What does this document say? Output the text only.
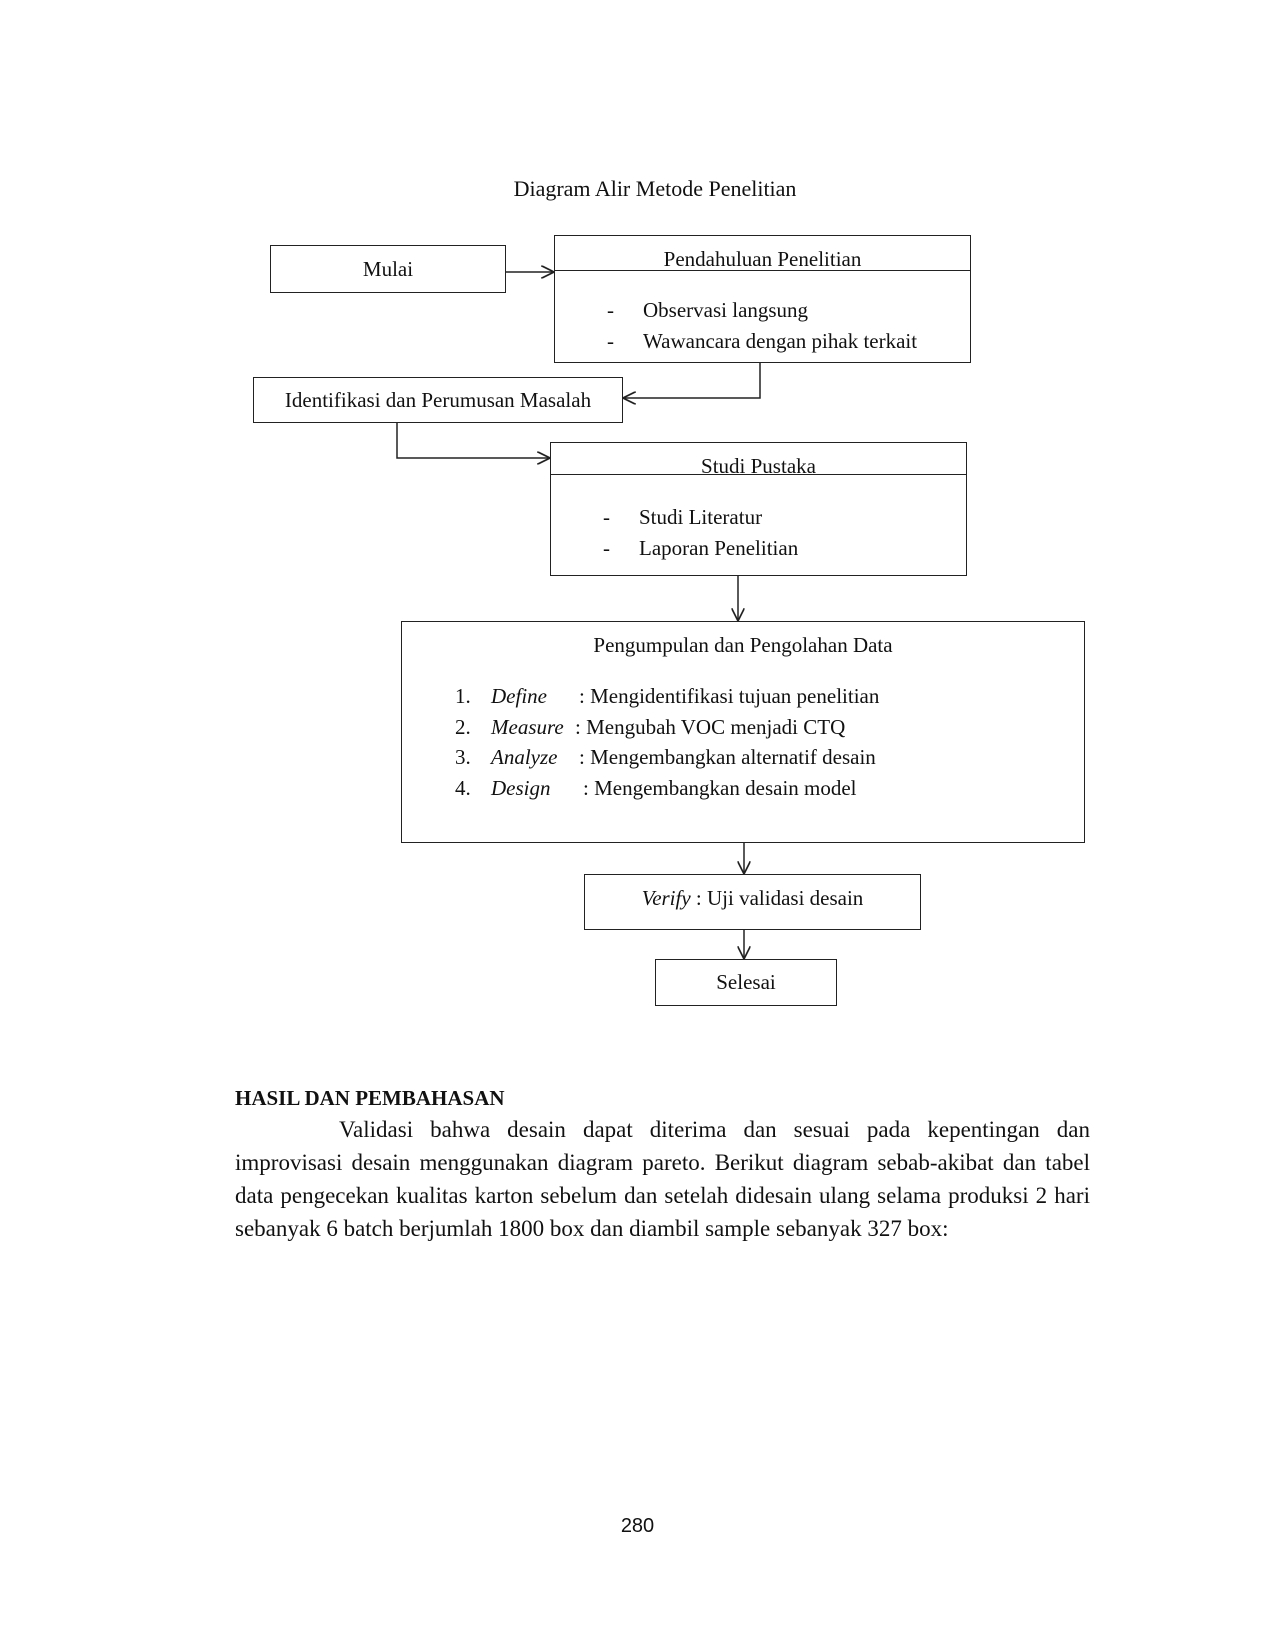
Diagram Alir Metode Penelitian
Mulai	Pendahuluan Penelitian
- Observasi langsung
- Wawancara dengan pihak terkait
Identifikasi dan Perumusan Masalah
Studi Pustaka
- Studi Literatur
- Laporan Penelitian
Pengumpulan dan Pengolahan Data
1. Define : Mengidentifikasi tujuan penelitian
2. Measure : Mengubah VOC menjadi CTQ
3. Analyze : Mengembangkan alternatif desain
4. Design : Mengembangkan desain model
Verify : Uji validasi desain
Selesai
HASIL DAN PEMBAHASAN
Validasi bahwa desain dapat diterima dan sesuai pada kepentingan dan improvisasi desain menggunakan diagram pareto. Berikut diagram sebab-akibat dan tabel data pengecekan kualitas karton sebelum dan setelah didesain ulang selama produksi 2 hari sebanyak 6 batch berjumlah 1800 box dan diambil sample sebanyak 327 box:
280
